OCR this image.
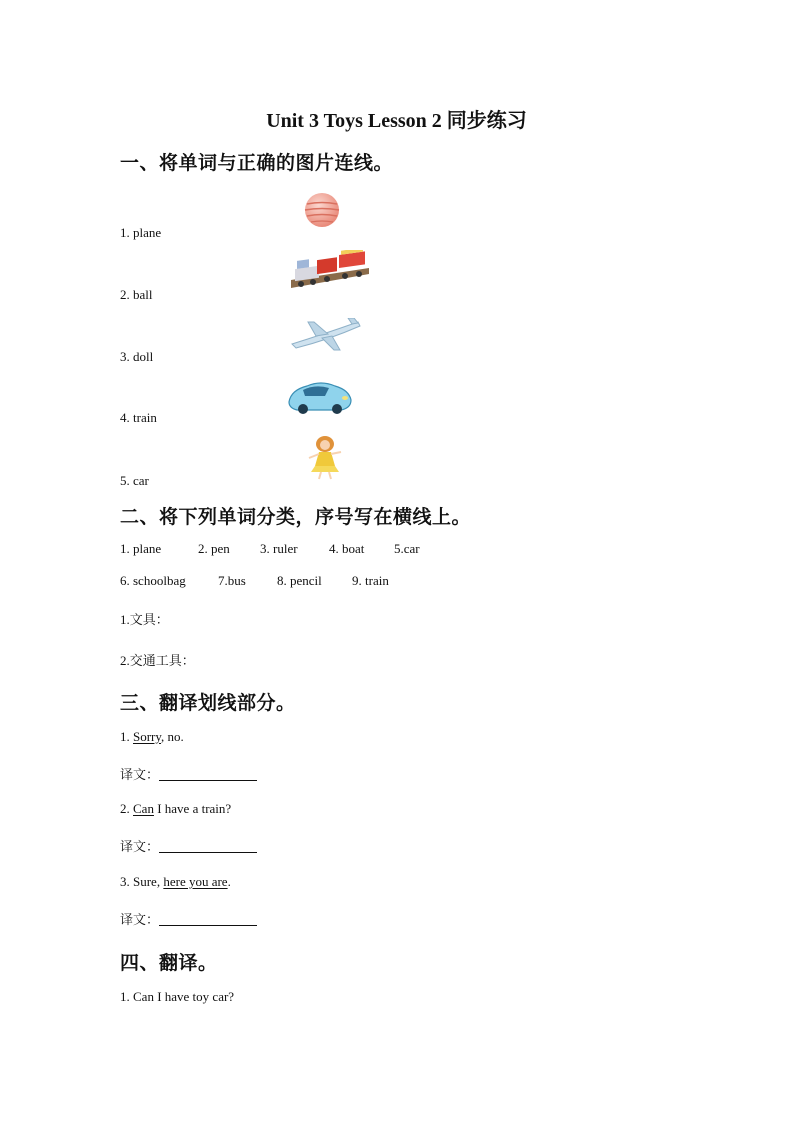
Unit 3 Toys Lesson 2 同步练习
一、将单词与正确的图片连线。
1. plane
2. ball
3. doll
4. train
5. car
二、将下列单词分类，序号写在横线上。
1. plane	2. pen 3. ruler 4. boat 5.car
6. schoolbag 7.bus 8. pencil 9. train
1.文具：
2.交通工具：
三、翻译划线部分。
1. Sorry, no.
译文：
2. Can I have a train?
译文：
3. Sure, here you are.
译文：
四、翻译。
1. Can I have toy car?
